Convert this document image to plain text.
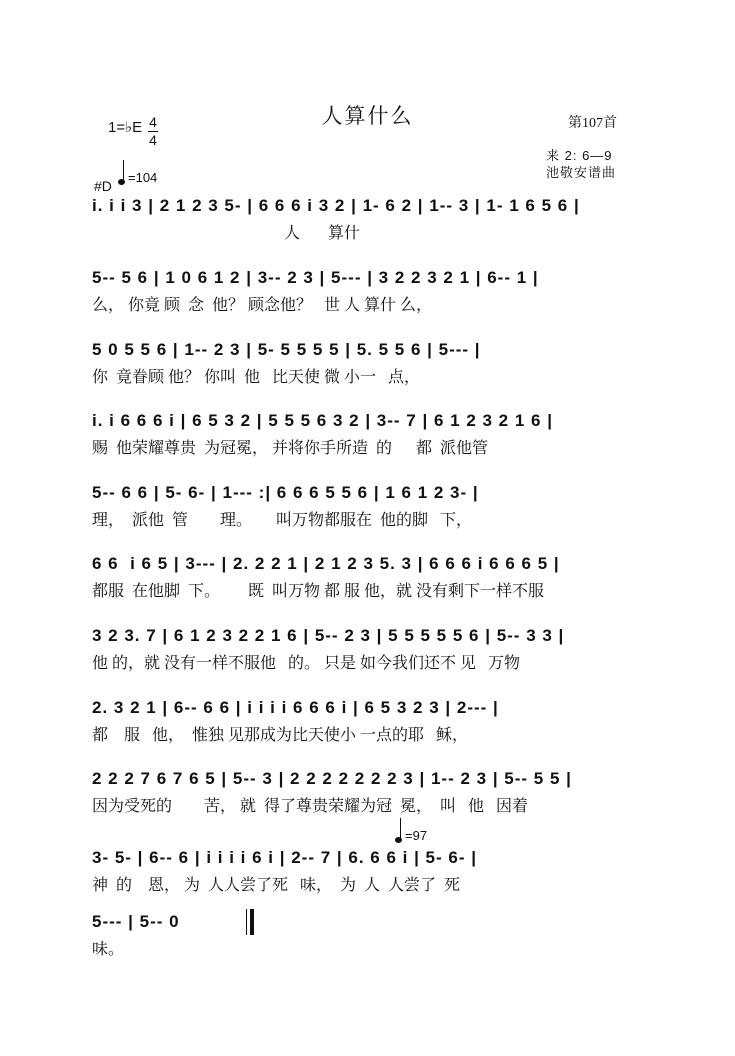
人算什么	第107首
1=♭E 4
4
来 2: 6—9
池敬安谱曲
#D
=104
i. i i 3 | 2 1 2 3 5- | 6 6 6 i 3 2 | 1- 6 2 | 1-- 3 | 1- 1 6 5 6 |
人       算什
5-- 5 6 | 1 0 6 1 2 | 3-- 2 3 | 5--- | 3 2 2 3 2 1 | 6-- 1 |
么， 你竟 顾  念  他？ 顾念他？   世 人 算什 么，
5 0 5 5 6 | 1-- 2 3 | 5- 5 5 5 5 | 5. 5 5 6 | 5--- |
你  竟眷顾 他？ 你叫  他   比天使 微 小一   点，
i. i 6 6 6 i | 6 5 3 2 | 5 5 5 6 3 2 | 3-- 7 | 6 1 2 3 2 1 6 |
赐  他荣耀尊贵  为冠冕， 并将你手所造  的      都  派他管
5-- 6 6 | 5- 6- | 1--- :| 6 6 6 5 5 6 | 1 6 1 2 3- |
理，  派他  管        理。      叫万物都服在  他的脚   下，
6 6  i 6 5 | 3--- | 2. 2 2 1 | 2 1 2 3 5. 3 | 6 6 6 i 6 6 6 5 |
都服  在他脚  下。       既  叫万物 都 服 他，就 没有剩下一样不服
3 2 3. 7 | 6 1 2 3 2 2 1 6 | 5-- 2 3 | 5 5 5 5 5 6 | 5-- 3 3 |
他 的，就 没有一样不服他   的。 只是 如今我们还不 见   万物
2. 3 2 1 | 6-- 6 6 | i i i i 6 6 6 i | 6 5 3 2 3 | 2--- |
都    服   他，  惟独 见那成为比天使小 一点的耶   稣，
2 2 2 7 6 7 6 5 | 5-- 3 | 2 2 2 2 2 2 2 3 | 1-- 2 3 | 5-- 5 5 |
因为受死的        苦， 就  得了尊贵荣耀为冠  冕，  叫   他   因着
=97
3- 5- | 6-- 6 | i i i i 6 i | 2-- 7 | 6. 6 6 i | 5- 6- |
神  的    恩， 为  人人尝了死   味，  为  人  人尝了  死
5--- | 5-- 0
味。
